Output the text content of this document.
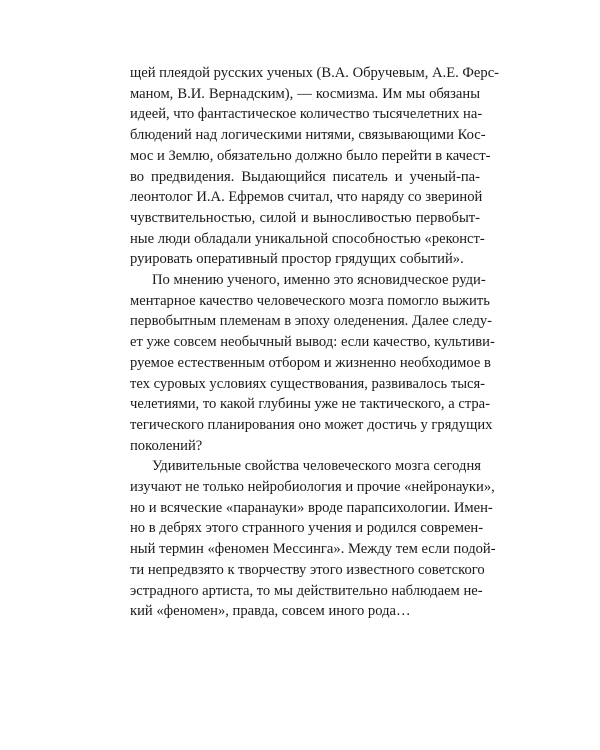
щей плеядой русских ученых (В.А. Обручевым, А.Е. Ферс-
маном, В.И. Вернадским), — космизма. Им мы обязаны
идеей, что фантастическое количество тысячелетних на-
блюдений над логическими нитями, связывающими Кос-
мос и Землю, обязательно должно было перейти в качест-
во предвидения. Выдающийся писатель и ученый-па-
леонтолог И.А. Ефремов считал, что наряду со звериной
чувствительностью, силой и выносливостью первобыт-
ные люди обладали уникальной способностью «реконст-
руировать оперативный простор грядущих событий».
По мнению ученого, именно это ясновидческое руди-
ментарное качество человеческого мозга помогло выжить
первобытным племенам в эпоху оледенения. Далее следу-
ет уже совсем необычный вывод: если качество, культиви-
руемое естественным отбором и жизненно необходимое в
тех суровых условиях существования, развивалось тыся-
челетиями, то какой глубины уже не тактического, а стра-
тегического планирования оно может достичь у грядущих
поколений?
Удивительные свойства человеческого мозга сегодня
изучают не только нейробиология и прочие «нейронауки»,
но и всяческие «паранауки» вроде парапсихологии. Имен-
но в дебрях этого странного учения и родился современ-
ный термин «феномен Мессинга». Между тем если подой-
ти непредвзято к творчеству этого известного советского
эстрадного артиста, то мы действительно наблюдаем не-
кий «феномен», правда, совсем иного рода…
